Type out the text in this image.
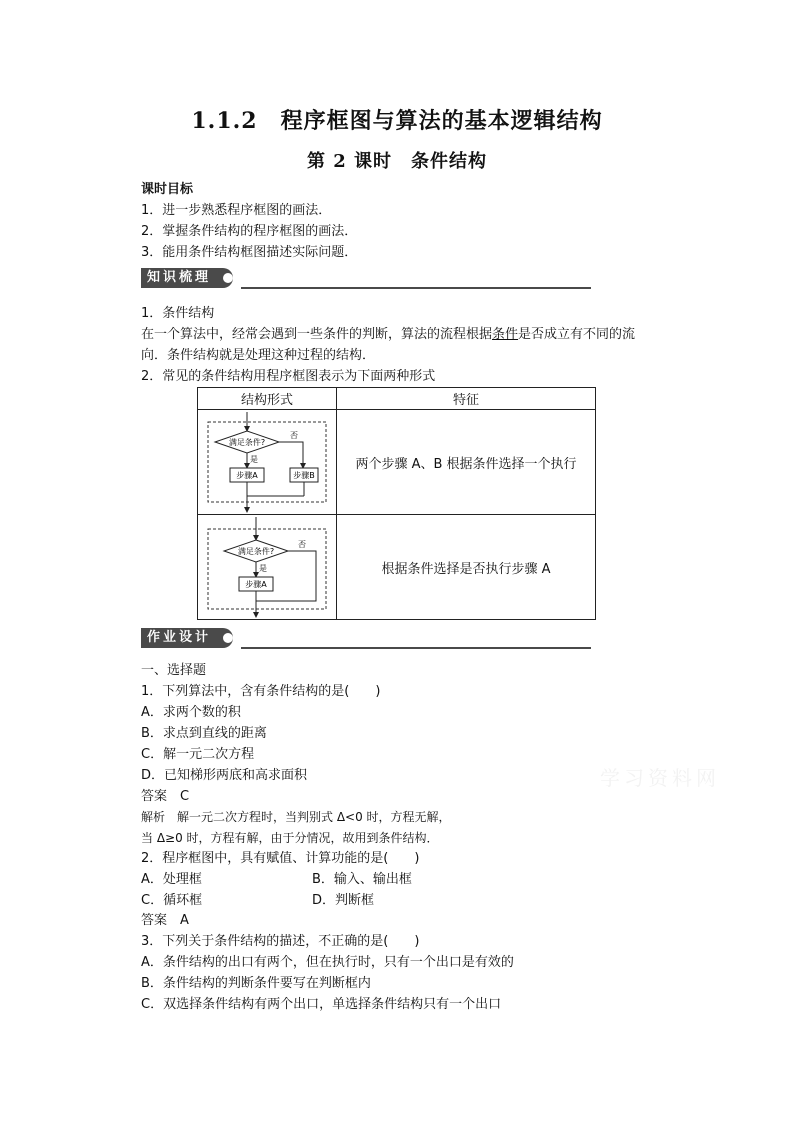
1.1.2　程序框图与算法的基本逻辑结构
第 2 课时　条件结构
课时目标
1．进一步熟悉程序框图的画法．
2．掌握条件结构的程序框图的画法．
3．能用条件结构框图描述实际问题．
知识梳理
1．条件结构
在一个算法中，经常会遇到一些条件的判断，算法的流程根据条件是否成立有不同的流
向．条件结构就是处理这种过程的结构．
2．常见的条件结构用程序框图表示为下面两种形式
结构形式	特征

满足条件?
否
是
步骤A 步骤B	两个步骤 A、B 根据条件选择一个执行

满足条件?
否
是
步骤A	根据条件选择是否执行步骤 A
作业设计
一、选择题
1．下列算法中，含有条件结构的是(　　)
A．求两个数的积
B．求点到直线的距离
C．解一元二次方程
D．已知梯形两底和高求面积
答案　C
解析　解一元二次方程时，当判别式 Δ<0 时，方程无解，
当 Δ≥0 时，方程有解，由于分情况，故用到条件结构．
2．程序框图中，具有赋值、计算功能的是(　　)
A．处理框	B．输入、输出框
C．循环框	D．判断框
答案　A
3．下列关于条件结构的描述，不正确的是(　　)
A．条件结构的出口有两个，但在执行时，只有一个出口是有效的
B．条件结构的判断条件要写在判断框内
C．双选择条件结构有两个出口，单选择条件结构只有一个出口
学习资料网
